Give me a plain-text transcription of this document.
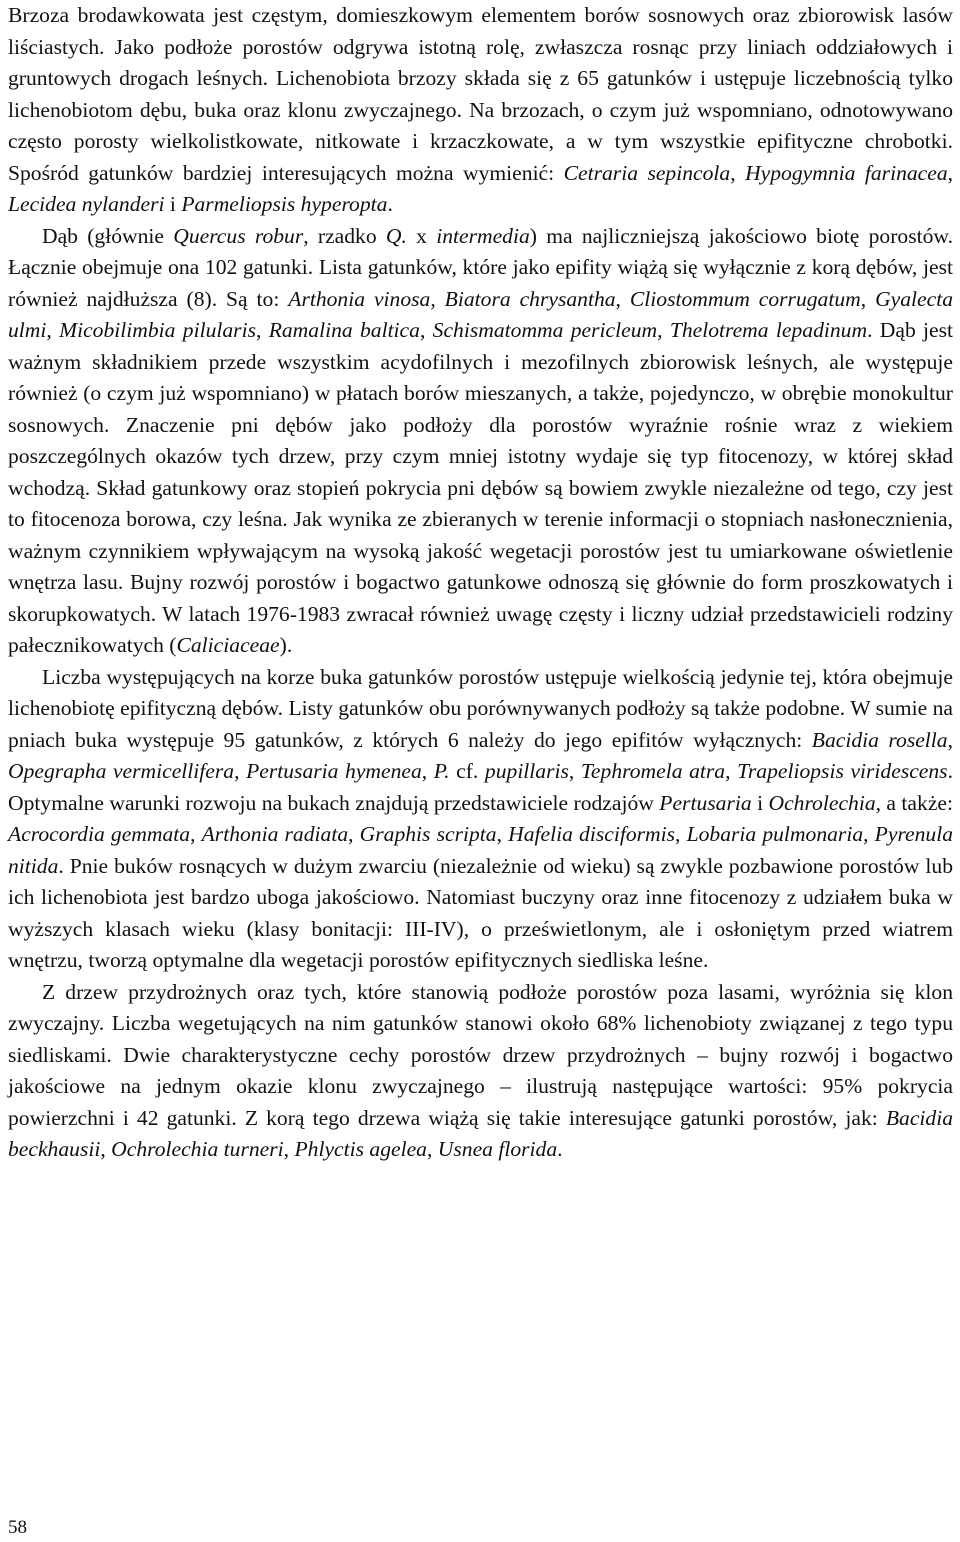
Brzoza brodawkowata jest częstym, domieszkowym elementem borów sosnowych oraz zbiorowisk lasów liściastych. Jako podłoże porostów odgrywa istotną rolę, zwłaszcza rosnąc przy liniach oddziałowych i gruntowych drogach leśnych. Lichenobiota brzozy składa się z 65 gatunków i ustępuje liczebnością tylko lichenobiotom dębu, buka oraz klonu zwyczajnego. Na brzozach, o czym już wspomniano, odnotowywano często porosty wielkolistkowate, nitkowate i krzaczkowate, a w tym wszystkie epifityczne chrobotki. Spośród gatunków bardziej interesujących można wymienić: Cetraria sepincola, Hypogymnia farinacea, Lecidea nylanderi i Parmeliopsis hyperopta.

Dąb (głównie Quercus robur, rzadko Q. x intermedia) ma najliczniejszą jakościowo biotę porostów. Łącznie obejmuje ona 102 gatunki. Lista gatunków, które jako epifity wiążą się wyłącznie z korą dębów, jest również najdłuższa (8). Są to: Arthonia vinosa, Biatora chrysantha, Cliostommum corrugatum, Gyalecta ulmi, Micobilimbia pilularis, Ramalina baltica, Schismatomma pericleum, Thelotrema lepadinum. Dąb jest ważnym składnikiem przede wszystkim acydofilnych i mezofilnych zbiorowisk leśnych, ale występuje również (o czym już wspomniano) w płatach borów mieszanych, a także, pojedynczo, w obrębie monokultur sosnowych. Znaczenie pni dębów jako podłoży dla porostów wyraźnie rośnie wraz z wiekiem poszczególnych okazów tych drzew, przy czym mniej istotny wydaje się typ fitocenozy, w której skład wchodzą. Skład gatunkowy oraz stopień pokrycia pni dębów są bowiem zwykle niezależne od tego, czy jest to fitocenoza borowa, czy leśna. Jak wynika ze zbieranych w terenie informacji o stopniach nasłonecznienia, ważnym czynnikiem wpływającym na wysoką jakość wegetacji porostów jest tu umiarkowane oświetlenie wnętrza lasu. Bujny rozwój porostów i bogactwo gatunkowe odnoszą się głównie do form proszkowatych i skorupkowatych. W latach 1976-1983 zwracał również uwagę częsty i liczny udział przedstawicieli rodziny pałecznikowatych (Caliciaceae).

Liczba występujących na korze buka gatunków porostów ustępuje wielkością jedynie tej, która obejmuje lichenobiotę epifityczną dębów. Listy gatunków obu porównywanych podłoży są także podobne. W sumie na pniach buka występuje 95 gatunków, z których 6 należy do jego epifitów wyłącznych: Bacidia rosella, Opegrapha vermicellifera, Pertusaria hymenea, P. cf. pupillaris, Tephromela atra, Trapeliopsis viridescens. Optymalne warunki rozwoju na bukach znajdują przedstawiciele rodzajów Pertusaria i Ochrolechia, a także: Acrocordia gemmata, Arthonia radiata, Graphis scripta, Hafelia disciformis, Lobaria pulmonaria, Pyrenula nitida. Pnie buków rosnących w dużym zwarciu (niezależnie od wieku) są zwykle pozbawione porostów lub ich lichenobiota jest bardzo uboga jakościowo. Natomiast buczyny oraz inne fitocenozy z udziałem buka w wyższych klasach wieku (klasy bonitacji: III-IV), o prześwietlonym, ale i osłoniętym przed wiatrem wnętrzu, tworzą optymalne dla wegetacji porostów epifitycznych siedliska leśne.

Z drzew przydrożnych oraz tych, które stanowią podłoże porostów poza lasami, wyróżnia się klon zwyczajny. Liczba wegetujących na nim gatunków stanowi około 68% lichenobioty związanej z tego typu siedliskami. Dwie charakterystyczne cechy porostów drzew przydrożnych – bujny rozwój i bogactwo jakościowe na jednym okazie klonu zwyczajnego – ilustrują następujące wartości: 95% pokrycia powierzchni i 42 gatunki. Z korą tego drzewa wiążą się takie interesujące gatunki porostów, jak: Bacidia beckhausii, Ochrolechia turneri, Phlyctis agelea, Usnea florida.

58
